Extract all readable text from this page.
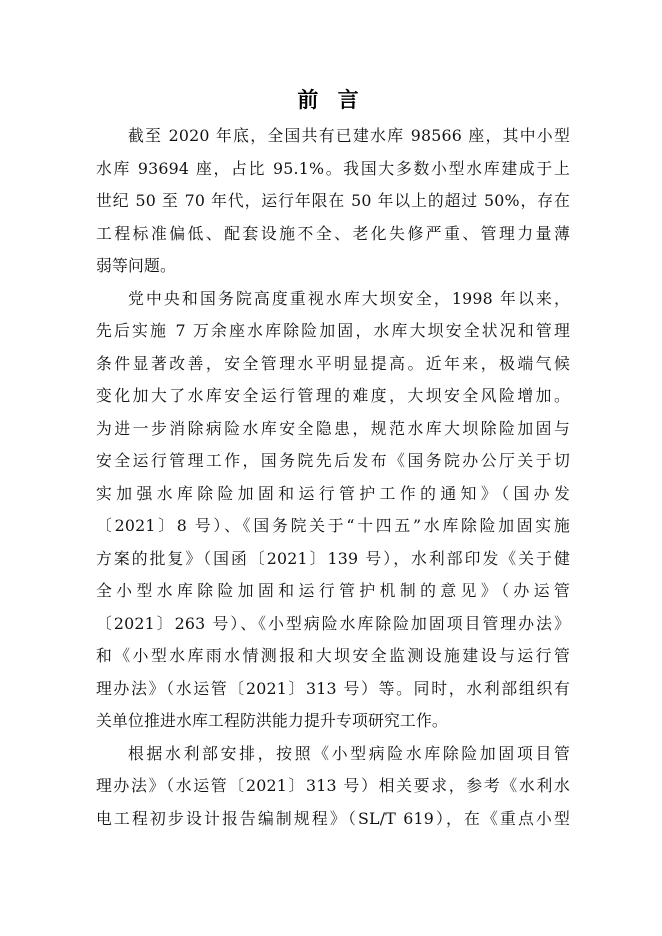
前 言
截至 2020 年底，全国共有已建水库 98566 座，其中小型
水库 93694 座，占比 95.1%。我国大多数小型水库建成于上
世纪 50 至 70 年代，运行年限在 50 年以上的超过 50%，存在
工程标准偏低、配套设施不全、老化失修严重、管理力量薄
弱等问题。
党中央和国务院高度重视水库大坝安全，1998 年以来，
先后实施 7 万余座水库除险加固，水库大坝安全状况和管理
条件显著改善，安全管理水平明显提高。近年来，极端气候
变化加大了水库安全运行管理的难度，大坝安全风险增加。
为进一步消除病险水库安全隐患，规范水库大坝除险加固与
安全运行管理工作，国务院先后发布《国务院办公厅关于切
实加强水库除险加固和运行管护工作的通知》（国办发
〔2021〕8 号）、《国务院关于“十四五”水库除险加固实施
方案的批复》（国函〔2021〕139 号），水利部印发《关于健
全小型水库除险加固和运行管护机制的意见》（办运管
〔2021〕263 号）、《小型病险水库除险加固项目管理办法》
和《小型水库雨水情测报和大坝安全监测设施建设与运行管
理办法》（水运管〔2021〕313 号）等。同时，水利部组织有
关单位推进水库工程防洪能力提升专项研究工作。
根据水利部安排，按照《小型病险水库除险加固项目管
理办法》（水运管〔2021〕313 号）相关要求，参考《水利水
电工程初步设计报告编制规程》（SL/T 619），在《重点小型
